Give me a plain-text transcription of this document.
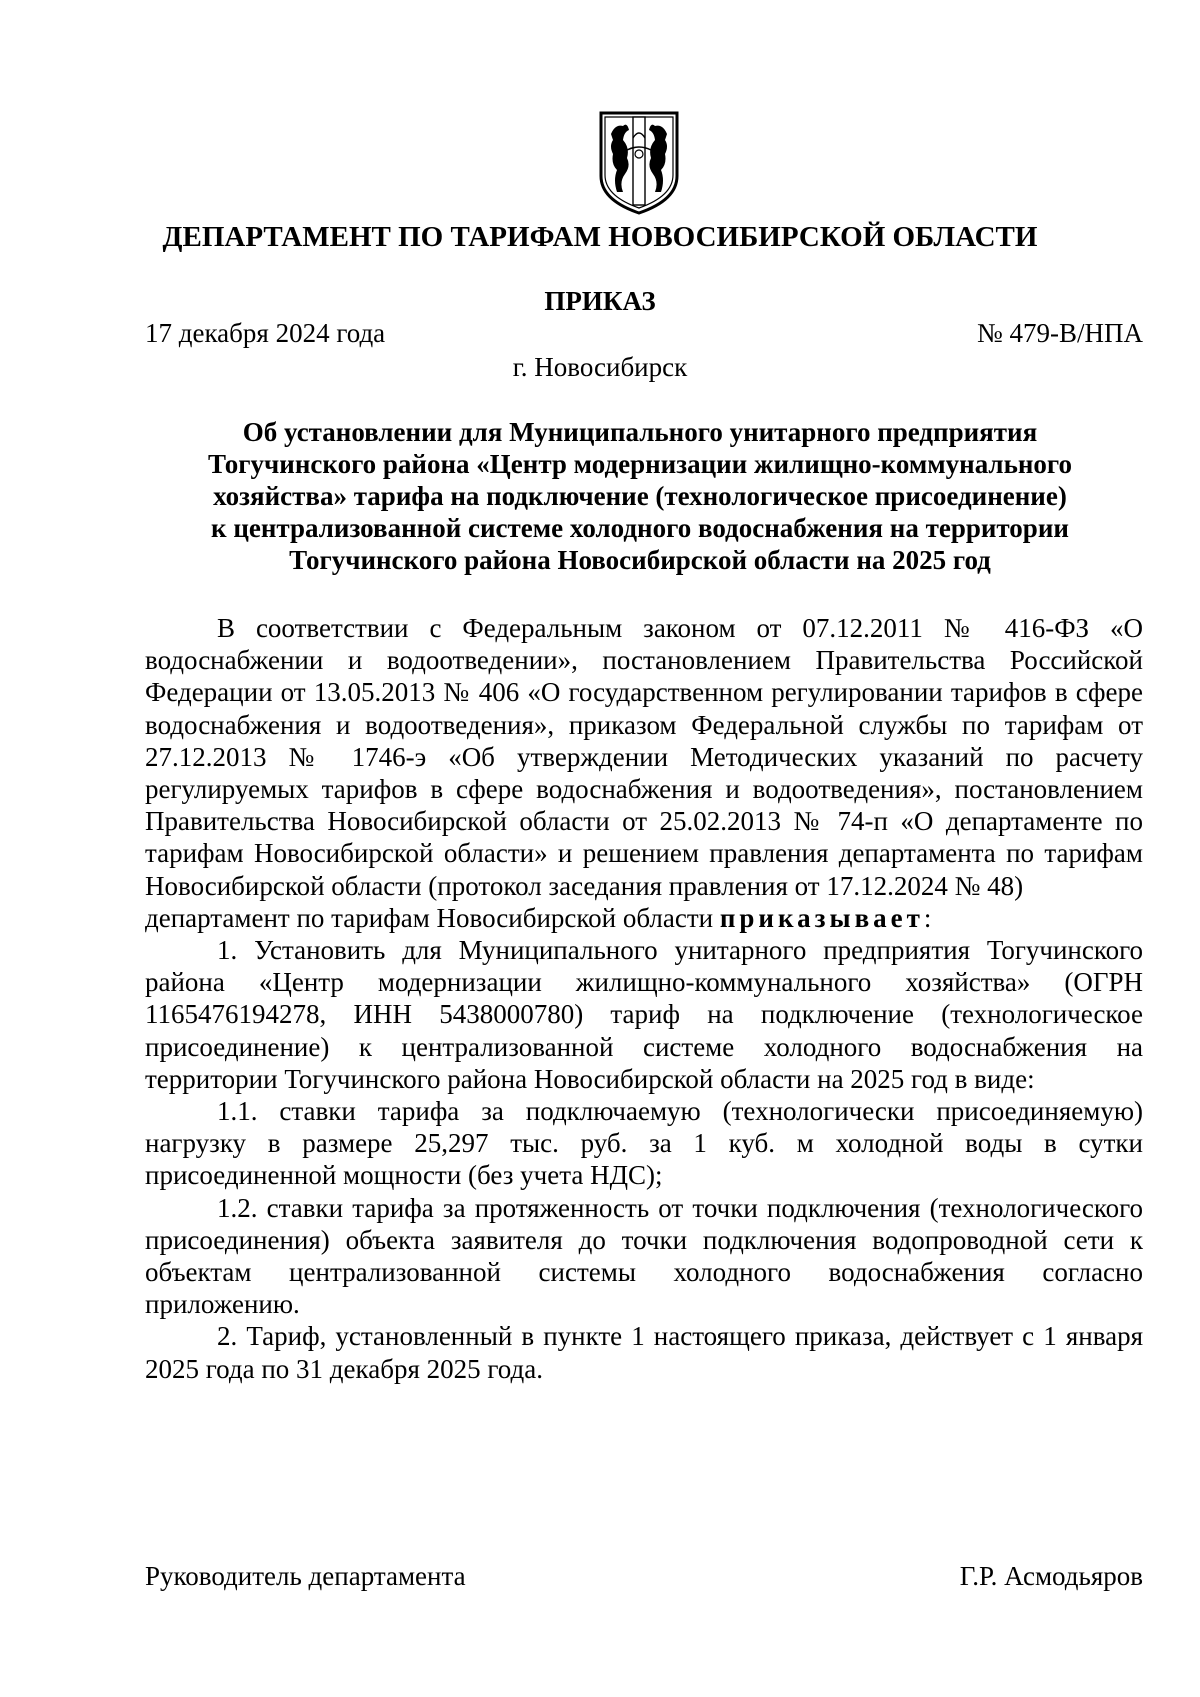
ДЕПАРТАМЕНТ ПО ТАРИФАМ НОВОСИБИРСКОЙ ОБЛАСТИ
ПРИКАЗ
17 декабря 2024 года	№ 479-В/НПА
г. Новосибирск
Об установлении для Муниципального унитарного предприятия
Тогучинского района «Центр модернизации жилищно-коммунального
хозяйства» тарифа на подключение (технологическое присоединение)
к централизованной системе холодного водоснабжения на территории
Тогучинского района Новосибирской области на 2025 год

В соответствии с Федеральным законом от 07.12.2011 № 416-ФЗ «О водоснабжении и водоотведении», постановлением Правительства Российской Федерации от 13.05.2013 № 406 «О государственном регулировании тарифов в сфере водоснабжения и водоотведения», приказом Федеральной службы по тарифам от 27.12.2013 № 1746-э «Об утверждении Методических указаний по расчету регулируемых тарифов в сфере водоснабжения и водоотведения», постановлением Правительства Новосибирской области от 25.02.2013 № 74-п «О департаменте по тарифам Новосибирской области» и решением правления департамента по тарифам Новосибирской области (протокол заседания правления от 17.12.2024 № 48)

департамент по тарифам Новосибирской области приказывает:

1. Установить для Муниципального унитарного предприятия Тогучинского района «Центр модернизации жилищно-коммунального хозяйства» (ОГРН 1165476194278, ИНН 5438000780) тариф на подключение (технологическое присоединение) к централизованной системе холодного водоснабжения на территории Тогучинского района Новосибирской области на 2025 год в виде:

1.1. ставки тарифа за подключаемую (технологически присоединяемую) нагрузку в размере 25,297 тыс. руб. за 1 куб. м холодной воды в сутки присоединенной мощности (без учета НДС);

1.2. ставки тарифа за протяженность от точки подключения (технологического присоединения) объекта заявителя до точки подключения водопроводной сети к объектам централизованной системы холодного водоснабжения согласно приложению.

2. Тариф, установленный в пункте 1 настоящего приказа, действует с 1 января 2025 года по 31 декабря 2025 года.

Руководитель департамента	Г.Р. Асмодьяров
